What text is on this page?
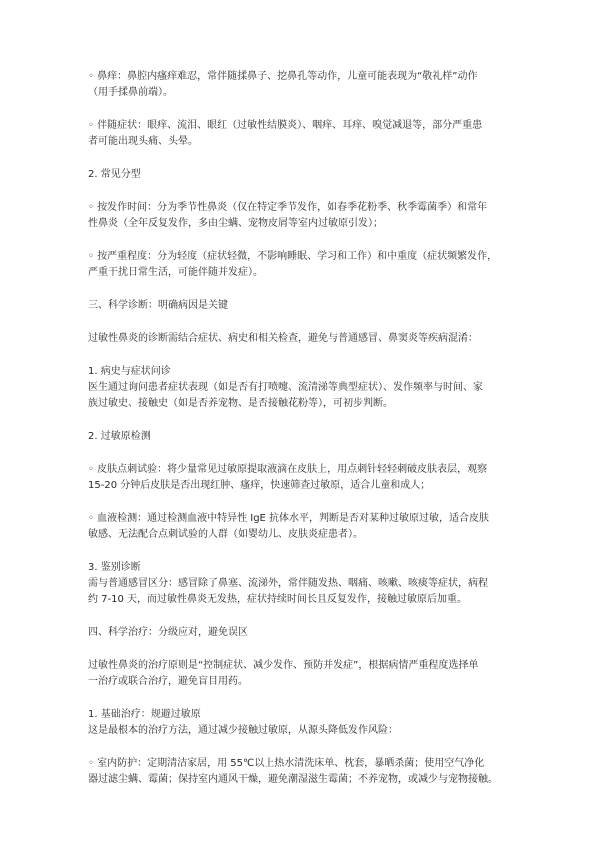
◦ 鼻痒：鼻腔内瘙痒难忍，常伴随揉鼻子、挖鼻孔等动作，儿童可能表现为“敬礼样”动作
（用手揉鼻前端）。

◦ 伴随症状：眼痒、流泪、眼红（过敏性结膜炎）、咽痒、耳痒、嗅觉减退等，部分严重患
者可能出现头痛、头晕。

2. 常见分型

◦ 按发作时间：分为季节性鼻炎（仅在特定季节发作，如春季花粉季、秋季霉菌季）和常年
性鼻炎（全年反复发作，多由尘螨、宠物皮屑等室内过敏原引发）；

◦ 按严重程度：分为轻度（症状轻微，不影响睡眠、学习和工作）和中重度（症状频繁发作，
严重干扰日常生活，可能伴随并发症）。

三、科学诊断：明确病因是关键

过敏性鼻炎的诊断需结合症状、病史和相关检查，避免与普通感冒、鼻窦炎等疾病混淆：

1. 病史与症状问诊

医生通过询问患者症状表现（如是否有打喷嚏、流清涕等典型症状）、发作频率与时间、家
族过敏史、接触史（如是否养宠物、是否接触花粉等），可初步判断。

2. 过敏原检测

◦ 皮肤点刺试验：将少量常见过敏原提取液滴在皮肤上，用点刺针轻轻刺破皮肤表层，观察
15-20 分钟后皮肤是否出现红肿、瘙痒，快速筛查过敏原，适合儿童和成人；

◦ 血液检测：通过检测血液中特异性 IgE 抗体水平，判断是否对某种过敏原过敏，适合皮肤
敏感、无法配合点刺试验的人群（如婴幼儿、皮肤炎症患者）。

3. 鉴别诊断

需与普通感冒区分：感冒除了鼻塞、流涕外，常伴随发热、咽痛、咳嗽、咳痰等症状，病程
约 7-10 天，而过敏性鼻炎无发热，症状持续时间长且反复发作，接触过敏原后加重。

四、科学治疗：分级应对，避免误区

过敏性鼻炎的治疗原则是“控制症状、减少发作、预防并发症”，根据病情严重程度选择单
一治疗或联合治疗，避免盲目用药。

1. 基础治疗：规避过敏原

这是最根本的治疗方法，通过减少接触过敏原，从源头降低发作风险：

◦ 室内防护：定期清洁家居，用 55℃以上热水清洗床单、枕套，暴晒杀菌；使用空气净化
器过滤尘螨、霉菌；保持室内通风干燥，避免潮湿滋生霉菌；不养宠物，或减少与宠物接触。
